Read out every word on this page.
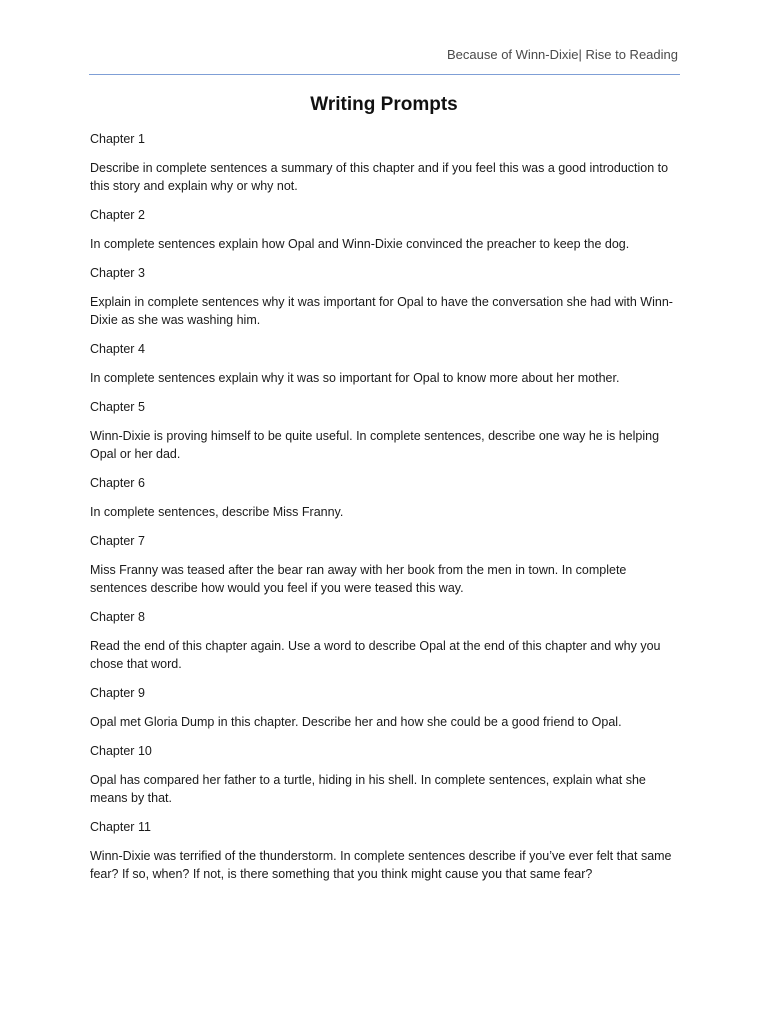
Because of Winn-Dixie| Rise to Reading
Writing Prompts

Chapter 1

Describe in complete sentences a summary of this chapter and if you feel this was a good introduction to this story and explain why or why not.

Chapter 2

In complete sentences explain how Opal and Winn-Dixie convinced the preacher to keep the dog.

Chapter 3

Explain in complete sentences why it was important for Opal to have the conversation she had with Winn-Dixie as she was washing him.

Chapter 4

In complete sentences explain why it was so important for Opal to know more about her mother.

Chapter 5

Winn-Dixie is proving himself to be quite useful. In complete sentences, describe one way he is helping Opal or her dad.

Chapter 6

In complete sentences, describe Miss Franny.

Chapter 7

Miss Franny was teased after the bear ran away with her book from the men in town. In complete sentences describe how would you feel if you were teased this way.

Chapter 8

Read the end of this chapter again. Use a word to describe Opal at the end of this chapter and why you chose that word.

Chapter 9

Opal met Gloria Dump in this chapter. Describe her and how she could be a good friend to Opal.

Chapter 10

Opal has compared her father to a turtle, hiding in his shell. In complete sentences, explain what she means by that.

Chapter 11

Winn-Dixie was terrified of the thunderstorm. In complete sentences describe if you’ve ever felt that same fear? If so, when? If not, is there something that you think might cause you that same fear?
